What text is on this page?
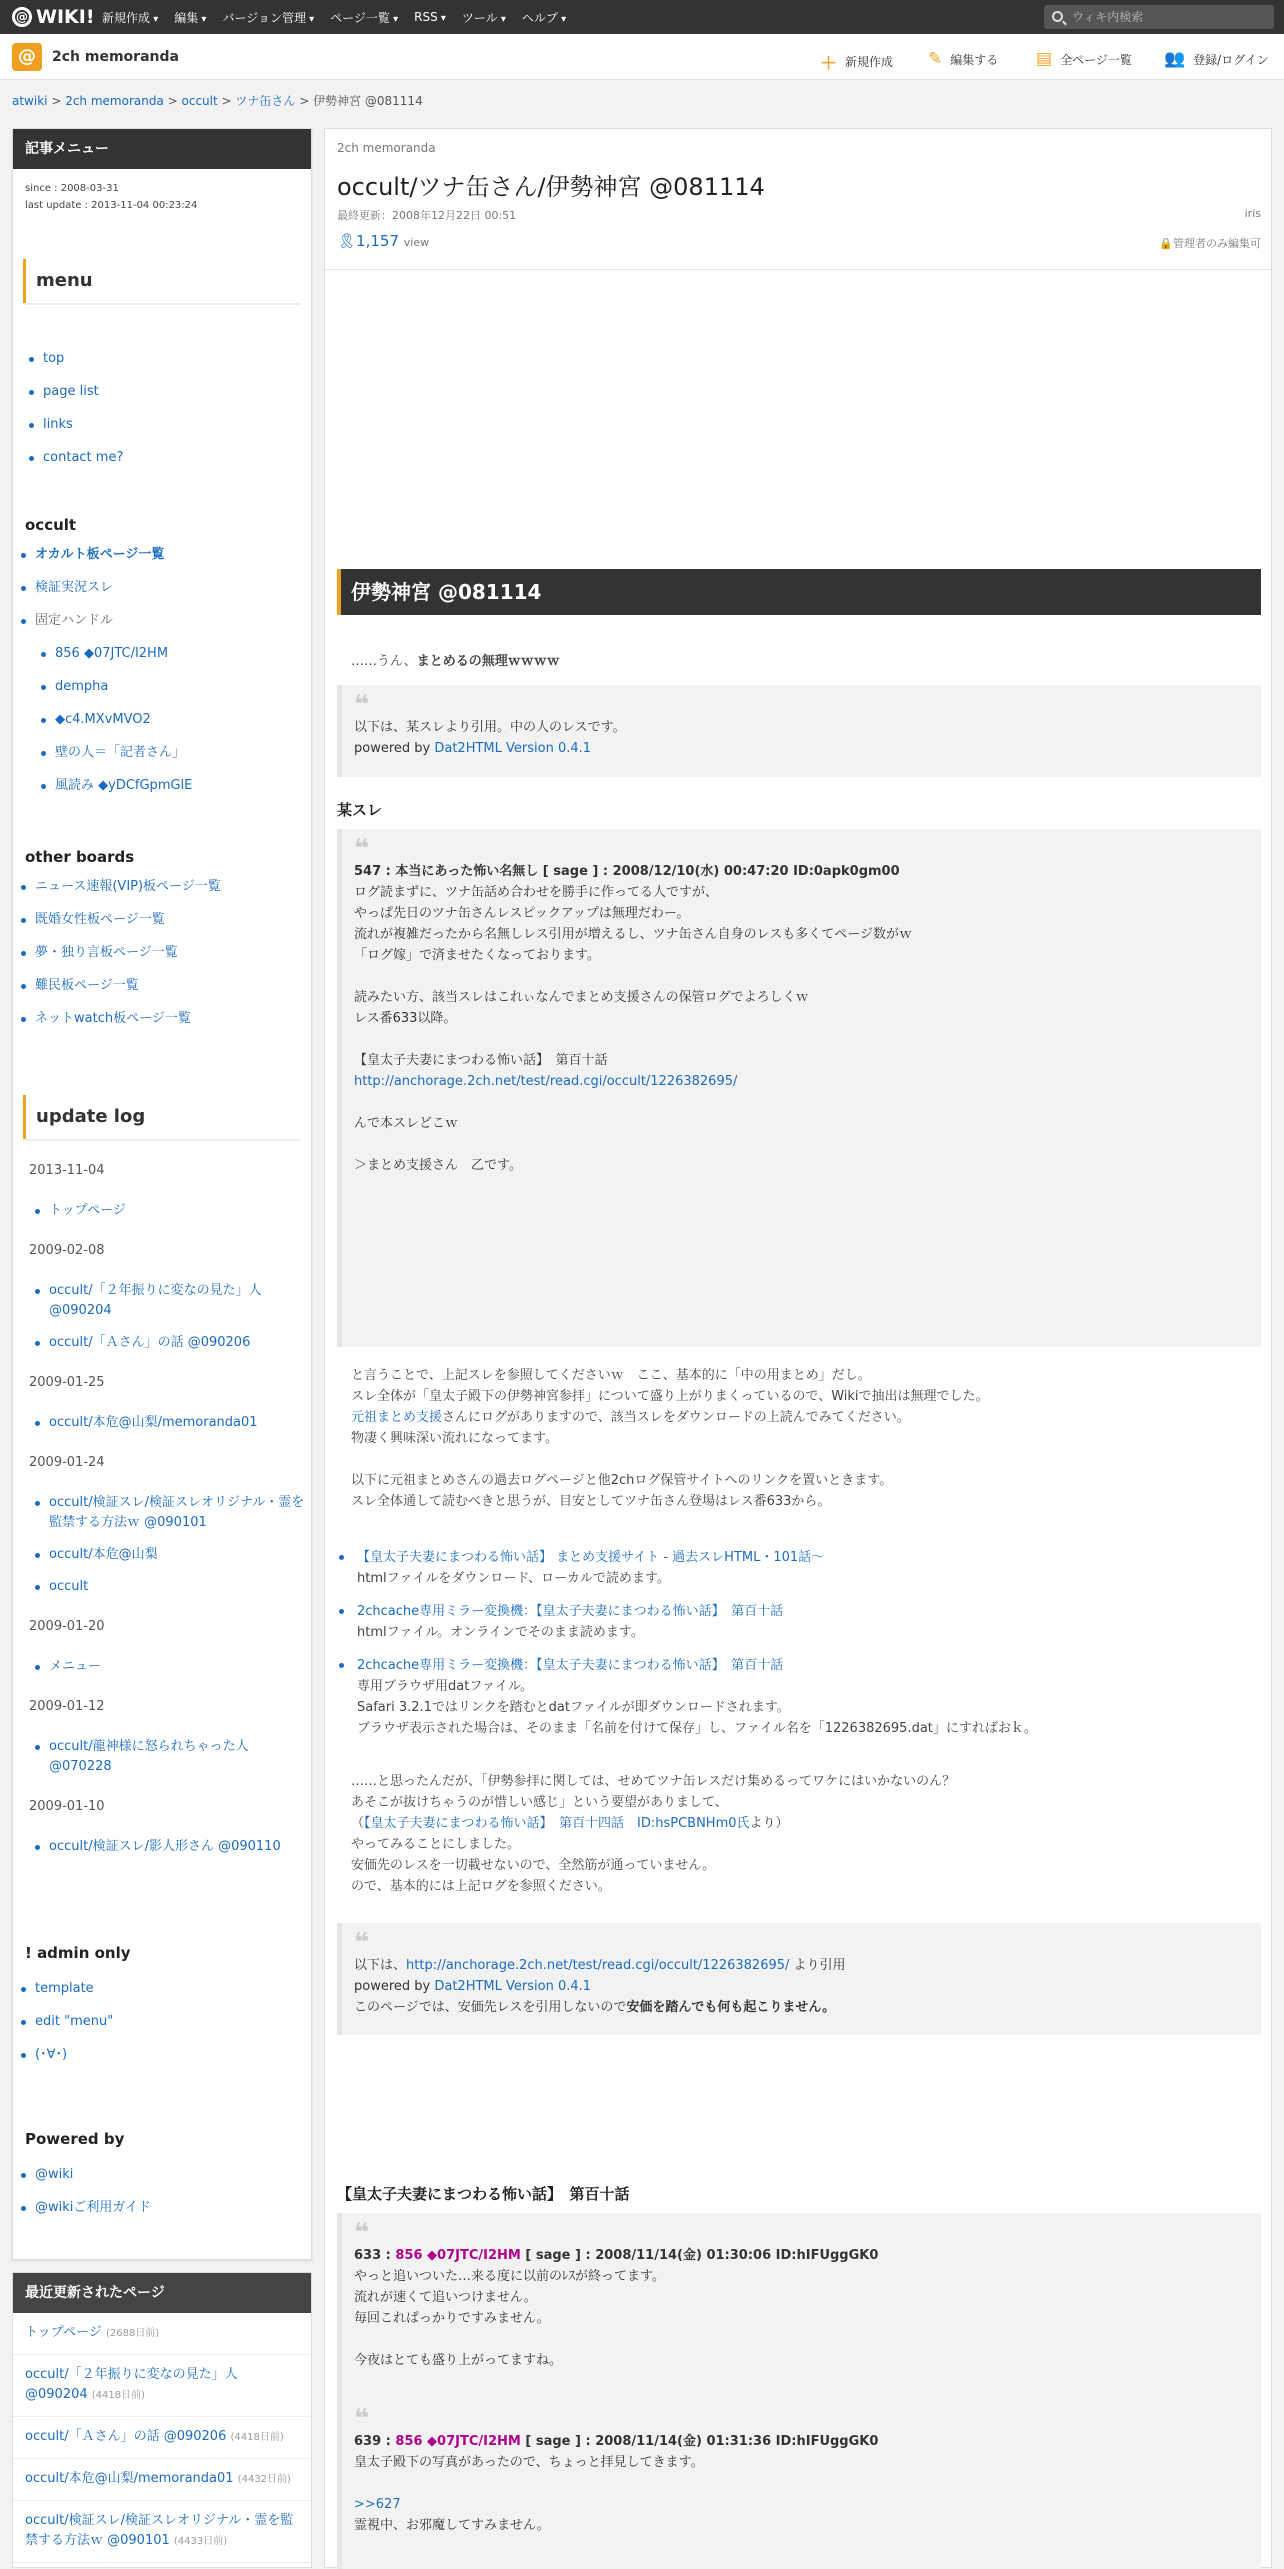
@ WIKI! 新規作成 ▾	編集 ▾	バージョン管理 ▾	ページ一覧 ▾	RSS ▾	ツール ▾	ヘルプ ▾	ウィキ内検索
@	2ch memoranda	＋ 新規作成 ✎ 編集する ▤ 全ページ一覧 👥 登録/ログイン
atwiki > 2ch memoranda > occult > ツナ缶さん > 伊勢神宮 @081114
記事メニュー
since : 2008-03-31
last update : 2013-11-04 00:23:24
menu
top
page list
links
contact me?
occult
オカルト板ページ一覧
検証実況スレ
固定ハンドル
856 ◆07JTC/I2HM
dempha
◆c4.MXvMVO2
壁の人＝「記者さん」
風読み ◆yDCfGpmGlE
other boards
ニュース速報(VIP)板ページ一覧
既婚女性板ページ一覧
夢・独り言板ページ一覧
難民板ページ一覧
ネットwatch板ページ一覧
update log
2013-11-04
トップページ
2009-02-08
occult/「２年振りに変なの見た」人 @090204
occult/「Ａさん」の話 @090206
2009-01-25
occult/本危@山梨/memoranda01
2009-01-24
occult/検証スレ/検証スレオリジナル・霊を監禁する方法ｗ @090101
occult/本危@山梨
occult
2009-01-20
メニュー
2009-01-12
occult/龍神様に怒られちゃった人 @070228
2009-01-10
occult/検証スレ/影人形さん @090110
! admin only
template
edit "menu"
(･∀･)
Powered by
@wiki
@wikiご利用ガイド
最近更新されたページ
トップページ (2688日前)
occult/「２年振りに変なの見た」人 @090204 (4418日前)
occult/「Ａさん」の話 @090206 (4418日前)
occult/本危@山梨/memoranda01 (4432日前)
occult/検証スレ/検証スレオリジナル・霊を監禁する方法ｗ @090101 (4433日前)
2ch memoranda
occult/ツナ缶さん/伊勢神宮 @081114
最終更新：2008年12月22日 00:51	iris
🎗1,157 view	🔒管理者のみ編集可
伊勢神宮 @081114
……うん、まとめるの無理ｗｗｗｗ
❝
以下は、某スレより引用。中の人のレスです。
powered by Dat2HTML Version 0.4.1
某スレ
❝
547 : 本当にあった怖い名無し [ sage ] : 2008/12/10(水) 00:47:20 ID:0apk0gm00
ログ読まずに、ツナ缶話め合わせを勝手に作ってる人ですが、
やっぱ先日のツナ缶さんレスピックアップは無理だわー。
流れが複雑だったから名無しレス引用が増えるし、ツナ缶さん自身のレスも多くてページ数がｗ
「ログ嫁」で済ませたくなっております。
読みたい方、該当スレはこれぃなんでまとめ支援さんの保管ログでよろしくｗ
レス番633以降。
【皇太子夫妻にまつわる怖い話】　第百十話
http://anchorage.2ch.net/test/read.cgi/occult/1226382695/
んで本スレどこｗ
＞まとめ支援さん　乙です。
と言うことで、上記スレを参照してくださいｗ　ここ、基本的に「中の用まとめ」だし。
スレ全体が「皇太子殿下の伊勢神宮参拝」について盛り上がりまくっているので、Wikiで抽出は無理でした。
元祖まとめ支援さんにログがありますので、該当スレをダウンロードの上読んでみてください。
物凄く興味深い流れになってます。
以下に元祖まとめさんの過去ログページと他2chログ保管サイトへのリンクを置いときます。
スレ全体通して読むべきと思うが、目安としてツナ缶さん登場はレス番633から。
【皇太子夫妻にまつわる怖い話】 まとめ支援サイト - 過去スレHTML・101話～
htmlファイルをダウンロード、ローカルで読めます。
2chcache専用ミラー変換機：【皇太子夫妻にまつわる怖い話】　第百十話
htmlファイル。オンラインでそのまま読めます。
2chcache専用ミラー変換機：【皇太子夫妻にまつわる怖い話】　第百十話
専用ブラウザ用datファイル。
Safari 3.2.1ではリンクを踏むとdatファイルが即ダウンロードされます。
ブラウザ表示された場合は、そのまま「名前を付けて保存」し、ファイル名を「1226382695.dat」にすればおｋ。
……と思ったんだが、「伊勢参拝に関しては、せめてツナ缶レスだけ集めるってワケにはいかないのん？
あそこが抜けちゃうのが惜しい感じ」という要望がありまして、
（【皇太子夫妻にまつわる怖い話】　第百十四話　ID:hsPCBNHm0氏より）
やってみることにしました。
安価先のレスを一切載せないので、全然筋が通っていません。
ので、基本的には上記ログを参照ください。
❝
以下は、http://anchorage.2ch.net/test/read.cgi/occult/1226382695/ より引用
powered by Dat2HTML Version 0.4.1
このページでは、安価先レスを引用しないので安価を踏んでも何も起こりません。
【皇太子夫妻にまつわる怖い話】　第百十話
❝
633 : 856 ◆07JTC/I2HM [ sage ] : 2008/11/14(金) 01:30:06 ID:hIFUggGK0
やっと追いついた…来る度に以前のﾚｽが終ってます。
流れが速くて追いつけません。
毎回これぱっかりですみません。
今夜はとても盛り上がってますね。
❝
639 : 856 ◆07JTC/I2HM [ sage ] : 2008/11/14(金) 01:31:36 ID:hIFUggGK0
皇太子殿下の写真があったので、ちょっと拝見してきます。
>>627
霊視中、お邪魔してすみません。
